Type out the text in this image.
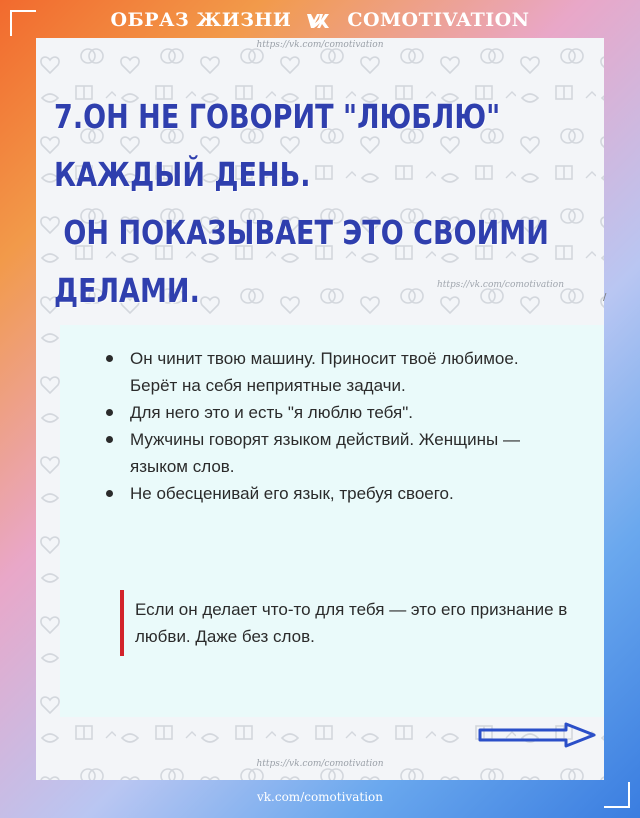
ОБРАЗ ЖИЗНИ	COMOTIVATION
https://vk.com/comotivation
https://vk.com/comotivation
7.ОН НЕ ГОВОРИТ "ЛЮБЛЮ"
КАЖДЫЙ ДЕНЬ.
ОН ПОКАЗЫВАЕТ ЭТО СВОИМИ
ДЕЛАМИ.
Он чинит твою машину. Приносит твоё любимое. Берёт на себя неприятные задачи.
Для него это и есть "я люблю тебя".
Мужчины говорят языком действий. Женщины — языком слов.
Не обесценивай его язык, требуя своего.
Если он делает что-то для тебя — это его признание в любви. Даже без слов.
https://vk.com/comotivation
/
vk.com/comotivation
